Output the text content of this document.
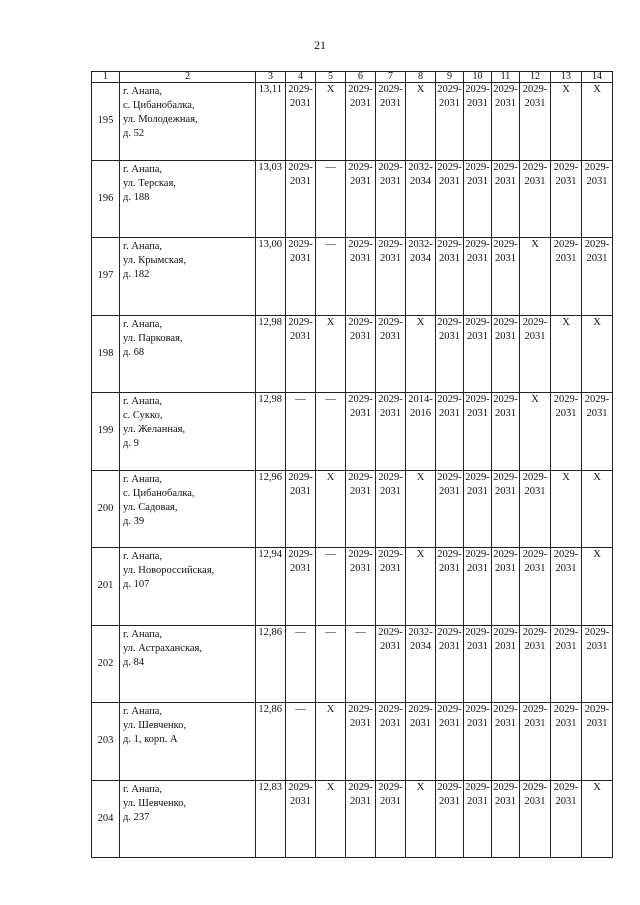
21
1	2	3	4	5	6	7	8	9	10	11	12	13	14
195	г. Анапа,
с. Цибанобалка,
ул. Молодежная,
д. 52	13,11	2029-
2031	Х	2029-
2031	2029-
2031	Х	2029-
2031	2029-
2031	2029-
2031	2029-
2031	Х	Х

196	г. Анапа,
ул. Терская,
д. 188	13,03	2029-
2031	—	2029-
2031	2029-
2031	2032-
2034	2029-
2031	2029-
2031	2029-
2031	2029-
2031	2029-
2031	2029-
2031

197	г. Анапа,
ул. Крымская,
д. 182	13,00	2029-
2031	—	2029-
2031	2029-
2031	2032-
2034	2029-
2031	2029-
2031	2029-
2031	Х	2029-
2031	2029-
2031

198	г. Анапа,
ул. Парковая,
д. 68	12,98	2029-
2031	Х	2029-
2031	2029-
2031	Х	2029-
2031	2029-
2031	2029-
2031	2029-
2031	Х	Х

199	г. Анапа,
с. Сукко,
ул. Желанная,
д. 9	12,98	—	—	2029-
2031	2029-
2031	2014-
2016	2029-
2031	2029-
2031	2029-
2031	Х	2029-
2031	2029-
2031

200	г. Анапа,
с. Цибанобалка,
ул. Садовая,
д. 39	12,96	2029-
2031	Х	2029-
2031	2029-
2031	Х	2029-
2031	2029-
2031	2029-
2031	2029-
2031	Х	Х

201	г. Анапа,
ул. Новороссийская,
д. 107	12,94	2029-
2031	—	2029-
2031	2029-
2031	Х	2029-
2031	2029-
2031	2029-
2031	2029-
2031	2029-
2031	Х

202	г. Анапа,
ул. Астраханская,
д. 84	12,86	—	—	—	2029-
2031	2032-
2034	2029-
2031	2029-
2031	2029-
2031	2029-
2031	2029-
2031	2029-
2031

203	г. Анапа,
ул. Шевченко,
д. 1, корп. А	12,86	—	Х	2029-
2031	2029-
2031	2029-
2031	2029-
2031	2029-
2031	2029-
2031	2029-
2031	2029-
2031	2029-
2031

204	г. Анапа,
ул. Шевченко,
д. 237	12,83	2029-
2031	Х	2029-
2031	2029-
2031	Х	2029-
2031	2029-
2031	2029-
2031	2029-
2031	2029-
2031	Х
